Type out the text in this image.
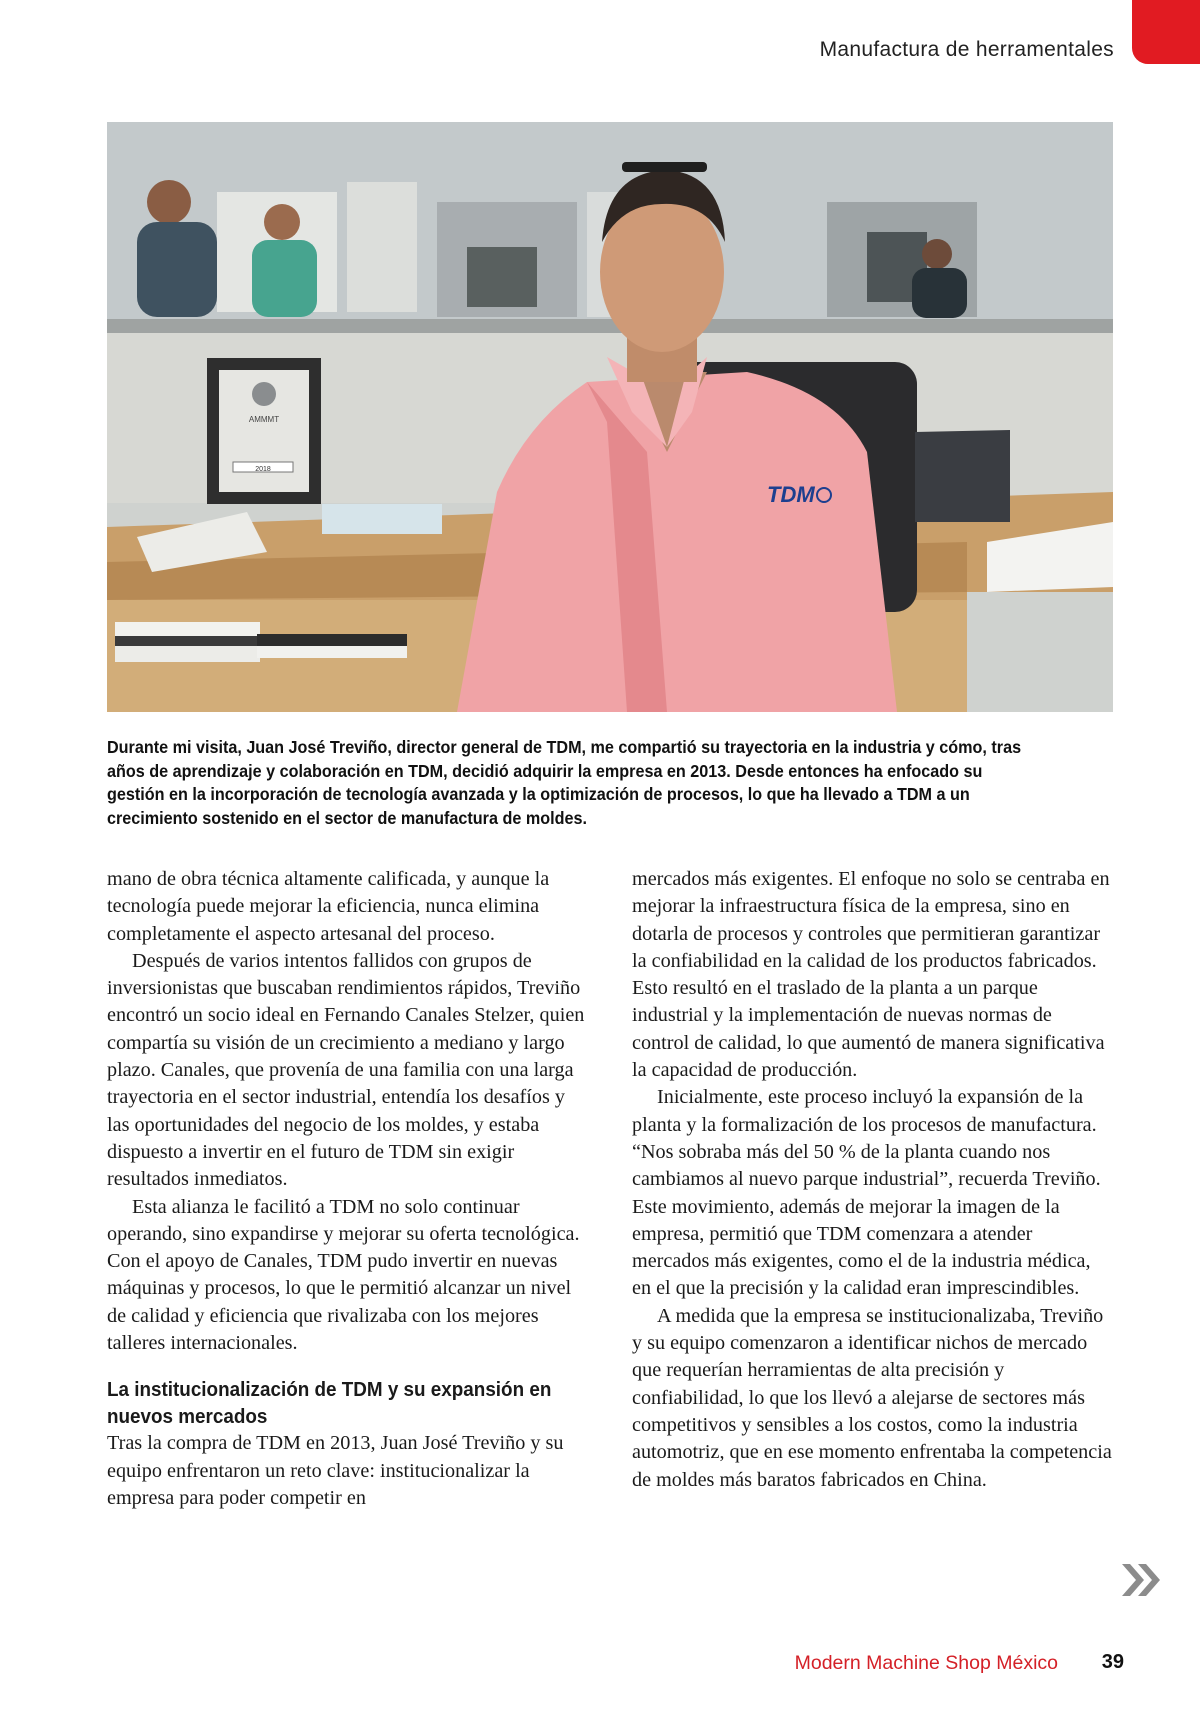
Manufactura de herramentales
AMMMT
2018
TDM

Durante mi visita, Juan José Treviño, director general de TDM, me compartió su trayectoria en la industria y cómo, tras años de aprendizaje y colaboración en TDM, decidió adquirir la empresa en 2013. Desde entonces ha enfocado su gestión en la incorporación de tecnología avanzada y la optimización de procesos, lo que ha llevado a TDM a un crecimiento sostenido en el sector de manufactura de moldes.

mano de obra técnica altamente calificada, y aunque la tecnología puede mejorar la eficiencia, nunca elimina completamente el aspecto artesanal del proceso.

Después de varios intentos fallidos con grupos de inversionistas que buscaban rendimientos rápidos, Treviño encontró un socio ideal en Fernando Canales Stelzer, quien compartía su visión de un crecimiento a mediano y largo plazo. Canales, que provenía de una familia con una larga trayectoria en el sector industrial, entendía los desafíos y las oportunidades del negocio de los moldes, y estaba dispuesto a invertir en el futuro de TDM sin exigir resultados inmediatos.

Esta alianza le facilitó a TDM no solo continuar operando, sino expandirse y mejorar su oferta tecnológica. Con el apoyo de Canales, TDM pudo invertir en nuevas máquinas y procesos, lo que le permitió alcanzar un nivel de calidad y eficiencia que rivalizaba con los mejores talleres internacionales.

La institucionalización de TDM y su expansión en nuevos mercados

Tras la compra de TDM en 2013, Juan José Treviño y su equipo enfrentaron un reto clave: institucionalizar la empresa para poder competir en

mercados más exigentes. El enfoque no solo se centraba en mejorar la infraestructura física de la empresa, sino en dotarla de procesos y controles que permitieran garantizar la confiabilidad en la calidad de los productos fabricados. Esto resultó en el traslado de la planta a un parque industrial y la implementación de nuevas normas de control de calidad, lo que aumentó de manera significativa la capacidad de producción.

Inicialmente, este proceso incluyó la expansión de la planta y la formalización de los procesos de manufactura. “Nos sobraba más del 50 % de la planta cuando nos cambiamos al nuevo parque industrial”, recuerda Treviño. Este movimiento, además de mejorar la imagen de la empresa, permitió que TDM comenzara a atender mercados más exigentes, como el de la industria médica, en el que la precisión y la calidad eran imprescindibles.

A medida que la empresa se institucionalizaba, Treviño y su equipo comenzaron a identificar nichos de mercado que requerían herramientas de alta precisión y confiabilidad, lo que los llevó a alejarse de sectores más competitivos y sensibles a los costos, como la industria automotriz, que en ese momento enfrentaba la competencia de moldes más baratos fabricados en China.

Modern Machine Shop México 39
